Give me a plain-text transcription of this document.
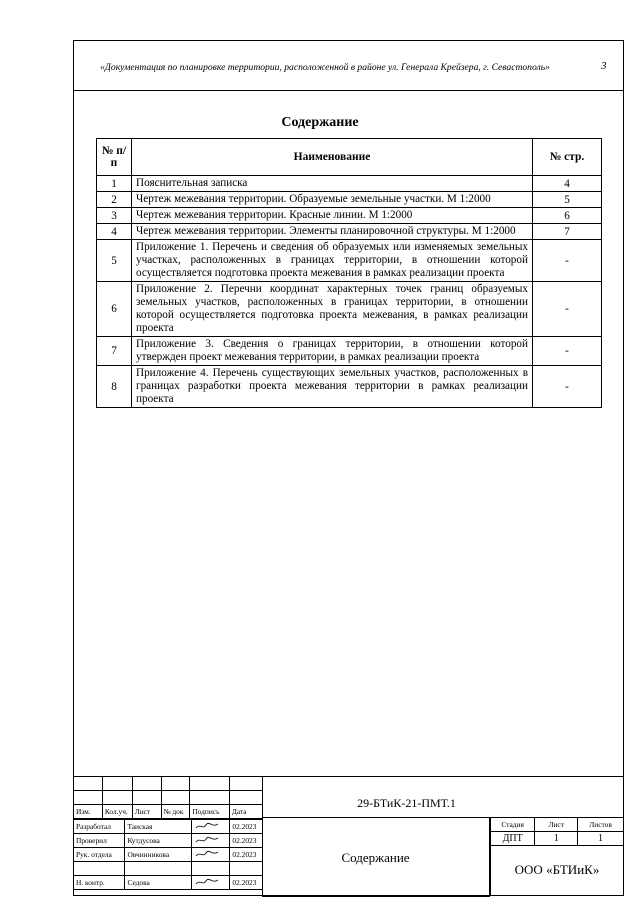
«Документация по планировке территории, расположенной в районе ул. Генерала Крейзера, г. Севастополь»	3
Содержание
№ п/п	Наименование	№ стр.
1	Пояснительная записка	4
2	Чертеж межевания территории. Образуемые земельные участки. М 1:2000	5
3	Чертеж межевания территории. Красные линии. М 1:2000	6
4	Чертеж межевания территории. Элементы планировочной структуры. М 1:2000	7
5	Приложение 1. Перечень и сведения об образуемых или изменяемых земельных участках, расположенных в границах территории, в отношении которой осуществляется подготовка проекта межевания в рамках реализации проекта	-
6	Приложение 2. Перечни координат характерных точек границ образуемых земельных участков, расположенных в границах территории, в отношении которой осуществляется подготовка проекта межевания, в рамках реализации проекта	-
7	Приложение 3. Сведения о границах территории, в отношении которой утвержден проект межевания территории, в рамках реализации проекта	-
8	Приложение 4. Перечень существующих земельных участков, расположенных в границах разработки проекта межевания территории в рамках реализации проекта	-

Изм.	Кол.уч.	Лист	№ док	Подпись	Дата
Разработал	Таиская		02.2023
Проверил	Кутдусова		02.2023
Рук. отдела	Овчинникова		02.2023

Н. контр.	Седова		02.2023
Стадия	Лист	Листов
ДПТ	1	1

29-БТиК-21-ПМТ.1
Содержание
ООО «БТИиК»
